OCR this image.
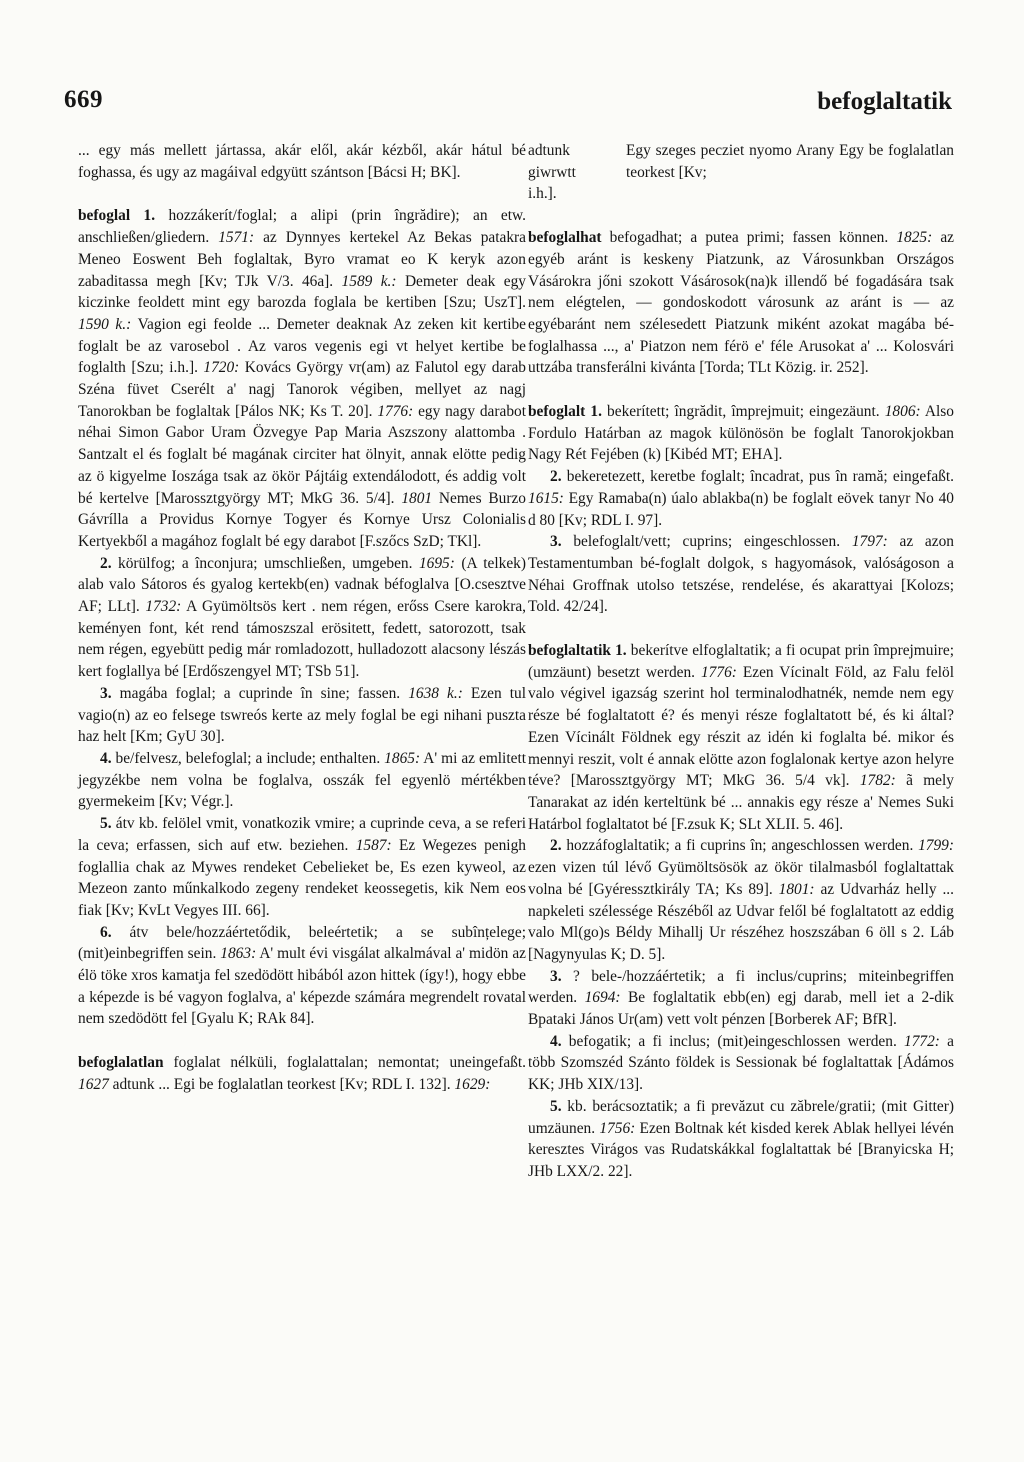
669	befoglaltatik

... egy más mellett jártassa, akár elől, akár kézből, akár hátul bé foghassa, és ugy az magáival edgyütt szántson [Bácsi H; BK].

befoglal 1. hozzákerít/foglal; a alipi (prin îngrădire); an etw. anschließen/gliedern. 1571: az Dynnyes kertekel Az Bekas patakra Meneo Eoswent Beh foglaltak, Byro vramat eo K keryk azon zabaditassa megh [Kv; TJk V/3. 46a]. 1589 k.: Demeter deak egy kiczinke feoldett mint egy barozda foglala be kertiben [Szu; UszT]. 1590 k.: Vagion egi feolde ... Demeter deaknak Az zeken kit kertibe foglalt be az varosebol . Az varos vegenis egi vt helyet kertibe be foglalth [Szu; i.h.]. 1720: Kovács György vr(am) az Falutol egy darab Széna füvet Cserélt a' nagj Tanorok végiben, mellyet az nagj Tanorokban be foglaltak [Pálos NK; Ks T. 20]. 1776: egy nagy darabot néhai Simon Gabor Uram Özvegye Pap Maria Aszszony alattomba . Santzalt el és foglalt bé magának circiter hat ölnyit, annak elötte pedig az ö kigyelme Ioszága tsak az ökör Pájtáig extendálodott, és addig volt bé kertelve [Marossztgyörgy MT; MkG 36. 5/4]. 1801 Nemes Burzo Gávrílla a Providus Kornye Togyer és Kornye Ursz Colonialis Kertyekből a magához foglalt bé egy darabot [F.szőcs SzD; TKl].

2. körülfog; a înconjura; umschließen, umgeben. 1695: (A telkek) alab valo Sátoros és gyalog kertekb(en) vadnak béfoglalva [O.csesztve AF; LLt]. 1732: A Gyümöltsös kert . nem régen, erőss Csere karokra, keményen font, két rend támoszszal erösitett, fedett, satorozott, tsak nem régen, egyebütt pedig már romladozott, hulladozott alacsony lészás kert foglallya bé [Erdőszengyel MT; TSb 51].

3. magába foglal; a cuprinde în sine; fassen. 1638 k.: Ezen tul vagio(n) az eo felsege tswreós kerte az mely foglal be egi nihani puszta haz helt [Km; GyU 30].

4. be/felvesz, belefoglal; a include; enthalten. 1865: A' mi az emlitett jegyzékbe nem volna be foglalva, osszák fel egyenlö mértékben gyermekeim [Kv; Végr.].

5. átv kb. felölel vmit, vonatkozik vmire; a cuprinde ceva, a se referi la ceva; erfassen, sich auf etw. beziehen. 1587: Ez Wegezes penigh foglallia chak az Mywes rendeket Cebelieket be, Es ezen kyweol, az Mezeon zanto műnkalkodo zegeny rendeket keossegetis, kik Nem eos fiak [Kv; KvLt Vegyes III. 66].

6. átv bele/hozzáértetődik, beleértetik; a se subînțelege; (mit)einbegriffen sein. 1863: A' mult évi visgálat alkalmával a' midön az élö töke xros kamatja fel szedödött hibából azon hittek (így!), hogy ebbe a képezde is bé vagyon foglalva, a' képezde számára megrendelt rovatal nem szedödött fel [Gyalu K; RAk 84].

befoglalatlan foglalat nélküli, foglalattalan; nemontat; uneingefaßt. 1627 adtunk ... Egi be foglalatlan teorkest [Kv; RDL I. 132]. 1629:

adtunk giwrwtt i.h.].
Egy szeges pecziet nyomo Arany Egy be foglalatlan teorkest [Kv;

befoglalhat befogadhat; a putea primi; fassen können. 1825: az egyéb aránt is keskeny Piatzunk, az Városunkban Országos Vásárokra jőni szokott Vásárosok(na)k illendő bé fogadására tsak nem elégtelen, — gondoskodott városunk az aránt is — az egyébaránt nem szélesedett Piatzunk miként azokat magába bé-foglalhassa ..., a' Piatzon nem férö e' féle Arusokat a' ... Kolosvári uttzába transferálni kivánta [Torda; TLt Közig. ir. 252].

befoglalt 1. bekerített; îngrădit, împrejmuit; eingezäunt. 1806: Also Fordulo Határban az magok különösön be foglalt Tanorokjokban Nagy Rét Fejében (k) [Kibéd MT; EHA].

2. bekeretezett, keretbe foglalt; încadrat, pus în ramă; eingefaßt. 1615: Egy Ramaba(n) úalo ablakba(n) be foglalt eövek tanyr No 40 d 80 [Kv; RDL I. 97].

3. belefoglalt/vett; cuprins; eingeschlossen. 1797: az azon Testamentumban bé-foglalt dolgok, s hagyomások, valóságoson a Néhai Groffnak utolso tetszése, rendelése, és akarattyai [Kolozs; Told. 42/24].

befoglaltatik 1. bekerítve elfoglaltatik; a fi ocupat prin împrejmuire; (umzäunt) besetzt werden. 1776: Ezen Vícinalt Föld, az Falu felöl valo végivel igazság szerint hol terminalodhatnék, nemde nem egy része bé foglaltatott é? és menyi része foglaltatott bé, és ki által? Ezen Vícinált Földnek egy részit az idén ki foglalta bé. mikor és mennyi reszit, volt é annak elötte azon foglalonak kertye azon helyre téve? [Marossztgyörgy MT; MkG 36. 5/4 vk]. 1782: ã mely Tanarakat az idén kerteltünk bé ... annakis egy része a' Nemes Suki Határbol foglaltatot bé [F.zsuk K; SLt XLII. 5. 46].

2. hozzáfoglaltatik; a fi cuprins în; angeschlossen werden. 1799: ezen vizen túl lévő Gyümöltsösök az ökör tilalmasból foglaltattak volna bé [Gyéressztkirály TA; Ks 89]. 1801: az Udvarház helly ... napkeleti szélessége Részéből az Udvar felől bé foglaltatott az eddig valo Ml(go)s Béldy Mihallj Ur részéhez hoszszában 6 öll s 2. Láb [Nagynyulas K; D. 5].

3. ? bele-/hozzáértetik; a fi inclus/cuprins; miteinbegriffen werden. 1694: Be foglaltatik ebb(en) egj darab, mell iet a 2-dik Bpataki János Ur(am) vett volt pénzen [Borberek AF; BfR].

4. befogatik; a fi inclus; (mit)eingeschlossen werden. 1772: a több Szomszéd Szánto földek is Sessionak bé foglaltattak [Ádámos KK; JHb XIX/13].

5. kb. berácsoztatik; a fi prevăzut cu zăbrele/gratii; (mit Gitter) umzäunen. 1756: Ezen Boltnak két kisded kerek Ablak hellyei lévén keresztes Virágos vas Rudatskákkal foglaltattak bé [Branyicska H; JHb LXX/2. 22].
